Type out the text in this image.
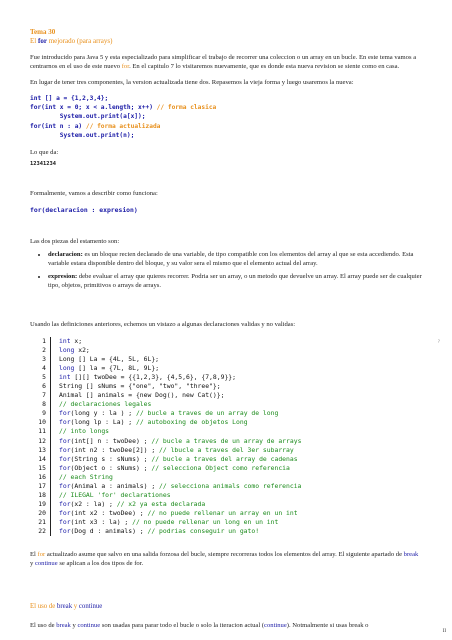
Tema 30
El for mejorado (para arrays)

Fue introducido para Java 5 y esta especializado para simplificar el trabajo de recorrer una coleccion o un array en un bucle. En este tema vamos a centrarnos en el uso de este nuevo for. En el capitulo 7 lo visitaremos nuevamente, que es donde esta nueva revision se siente como en casa.

En lugar de tener tres componentes, la version actualizada tiene dos. Repasemos la vieja forma y luego usaremos la nueva:

int [] a = {1,2,3,4};
for(int x = 0; x < a.length; x++) // forma clasica
System.out.print(a[x]);
for(int n : a) // forma actualizada
System.out.print(n);

Lo que da:

12341234

Formalmente, vamos a describir como funciona:

for(declaracion : expresion)

Las dos piezas del estamento son:

• declaracion: es un bloque recien declarado de una variable, de tipo compatible con los elementos del array al que se esta accediendo. Esta variable estara disponible dentro del bloque, y su valor sera el mismo que el elemento actual del array.
• expresion: debe evaluar el array que quieres recorrer. Podria ser un array, o un metodo que devuelve un array. El array puede ser de cualquier tipo, objetos, primitivos o arrays de arrays.

Usando las definiciones anteriores, echemos un vistazo a algunas declaraciones validas y no validas:

?
1 int x;
2 long x2;
3 Long [] La = {4L, 5L, 6L};
4 long [] la = {7L, 8L, 9L};
5 int [][] twoDee = {{1,2,3}, {4,5,6}, {7,8,9}};
6 String [] sNums = {"one", "two", "three"};
7 Animal [] animals = {new Dog(), new Cat()};
8 // declaraciones legales
9 for(long y : la ) ; // bucle a traves de un array de long
10 for(long lp : La) ; // autoboxing de objetos Long
11 // into longs
12 for(int[] n : twoDee) ; // bucle a traves de un array de arrays
13 for(int n2 : twoDee[2]) ; // lbucle a traves del 3er subarray
14 for(String s : sNums) ; // bucle a traves del array de cadenas
15 for(Object o : sNums) ; // selecciona Object como referencia
16 // each String
17 for(Animal a : animals) ; // selecciona animals como referencia
18 // ILEGAL 'for' declarationes
19 for(x2 : la) ; // x2 ya esta declarada
20 for(int x2 : twoDee) ; // no puede rellenar un array en un int
21 for(int x3 : la) ; // no puede rellenar un long en un int
22 for(Dog d : animals) ; // podrias conseguir un gato!

El for actualizado asume que salvo en una salida forzosa del bucle, siempre recorreras todos los elementos del array. El siguiente apartado de break y continue se aplican a los dos tipos de for.

El uso de break y continue

El uso de break y continue son usadas para parar todo el bucle o solo la iteracion actual (continue). Notmalmente si usas break o

II
